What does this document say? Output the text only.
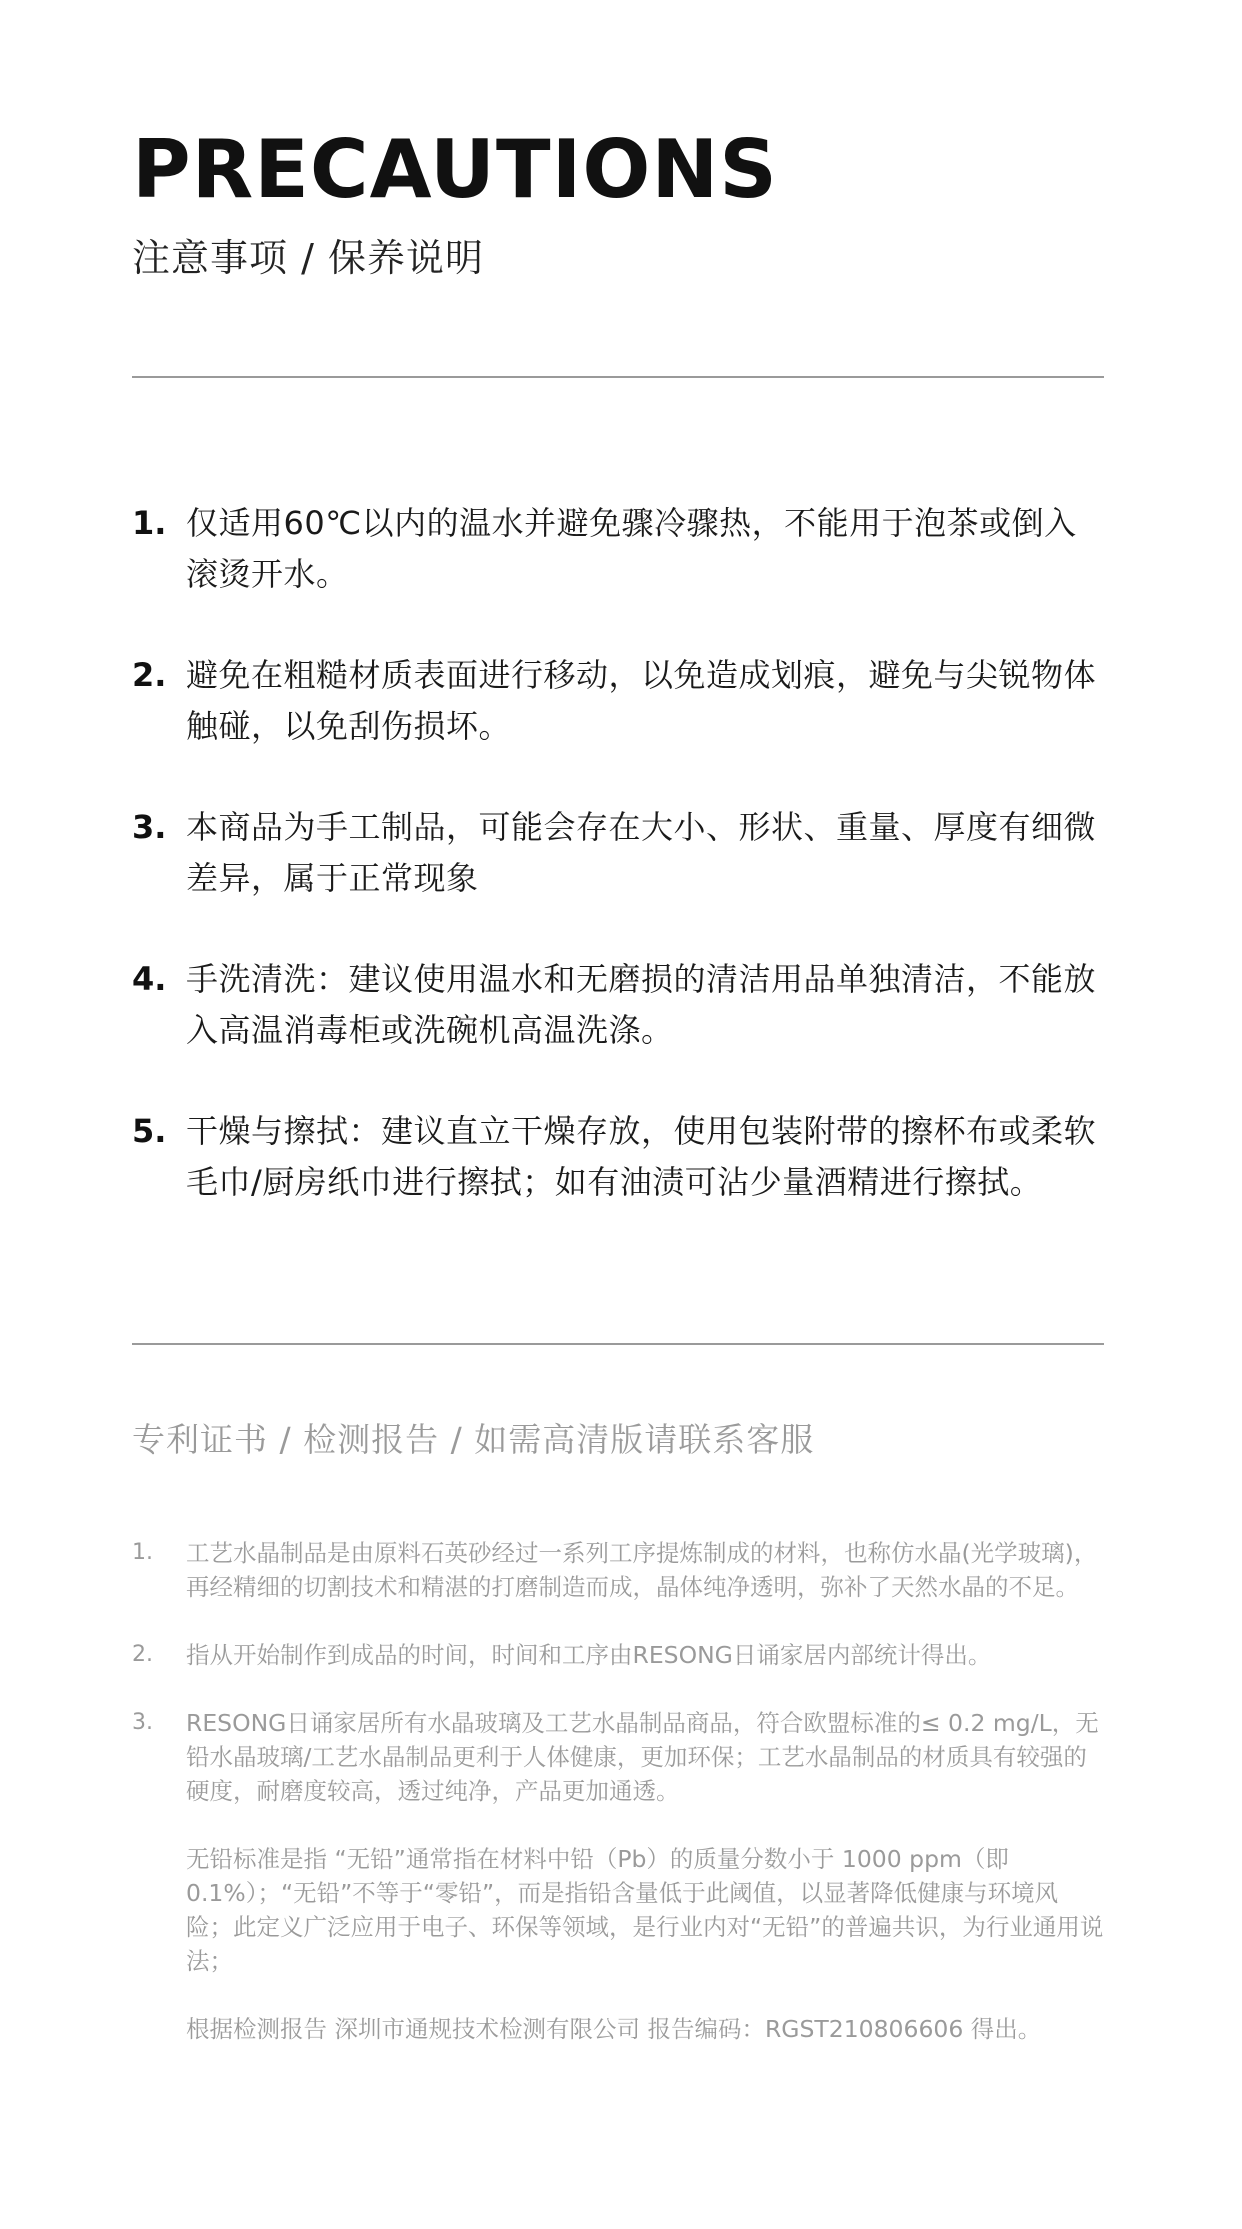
PRECAUTIONS
注意事项 / 保养说明
1. 仅适用60℃以内的温水并避免骤冷骤热，不能用于泡茶或倒入滚烫开水。
2. 避免在粗糙材质表面进行移动，以免造成划痕，避免与尖锐物体触碰，以免刮伤损坏。
3. 本商品为手工制品，可能会存在大小、形状、重量、厚度有细微差异，属于正常现象
4. 手洗清洗：建议使用温水和无磨损的清洁用品单独清洁，不能放入高温消毒柜或洗碗机高温洗涤。
5. 干燥与擦拭：建议直立干燥存放，使用包装附带的擦杯布或柔软毛巾/厨房纸巾进行擦拭；如有油渍可沾少量酒精进行擦拭。
专利证书 / 检测报告 / 如需高清版请联系客服
1.	工艺水晶制品是由原料石英砂经过一系列工序提炼制成的材料，也称仿水晶(光学玻璃)，再经精细的切割技术和精湛的打磨制造而成，晶体纯净透明，弥补了天然水晶的不足。

2.	指从开始制作到成品的时间，时间和工序由RESONG日诵家居内部统计得出。

3.	RESONG日诵家居所有水晶玻璃及工艺水晶制品商品，符合欧盟标准的≤ 0.2 mg/L，无铅水晶玻璃/工艺水晶制品更利于人体健康，更加环保；工艺水晶制品的材质具有较强的硬度，耐磨度较高，透过纯净，产品更加通透。

无铅标准是指 “无铅”通常指在材料中铅（Pb）的质量分数小于 1000 ppm（即0.1%）；“无铅”不等于“零铅”，而是指铅含量低于此阈值，以显著降低健康与环境风险；此定义广泛应用于电子、环保等领域，是行业内对“无铅”的普遍共识，为行业通用说法；

根据检测报告 深圳市通规技术检测有限公司 报告编码：RGST210806606 得出。
